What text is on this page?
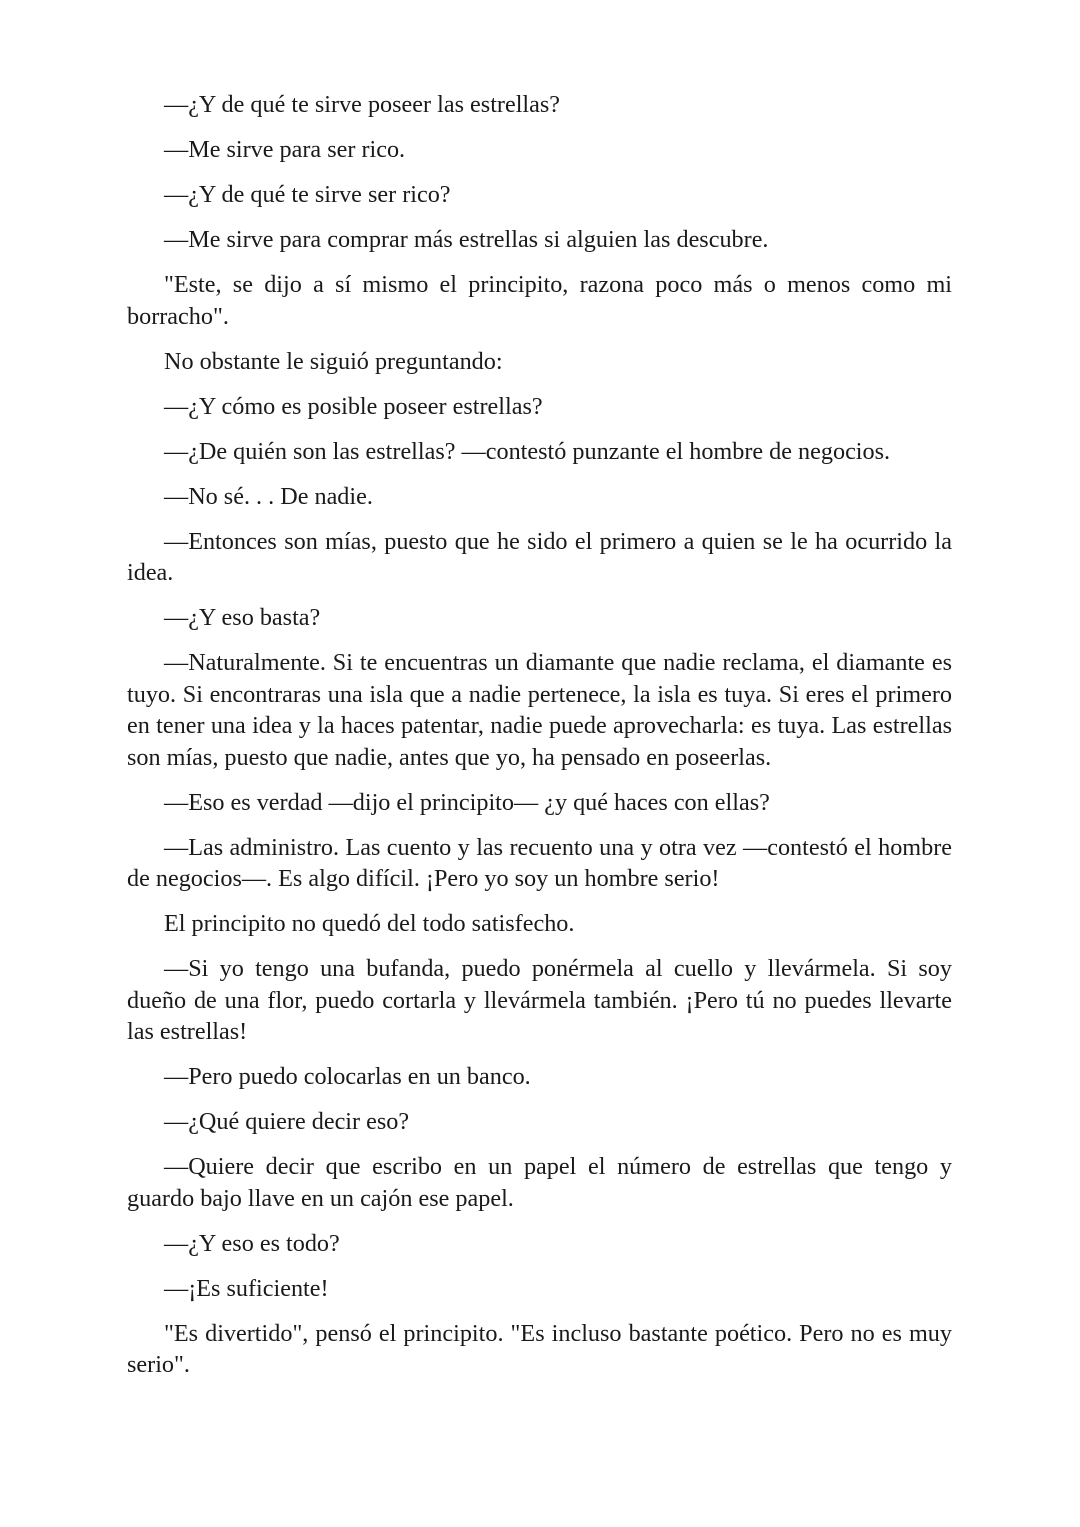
—¿Y de qué te sirve poseer las estrellas?

—Me sirve para ser rico.

—¿Y de qué te sirve ser rico?

—Me sirve para comprar más estrellas si alguien las descubre.

"Este, se dijo a sí mismo el principito, razona poco más o menos como mi borracho".

No obstante le siguió preguntando:

—¿Y cómo es posible poseer estrellas?

—¿De quién son las estrellas? —contestó punzante el hombre de negocios.

—No sé. . . De nadie.

—Entonces son mías, puesto que he sido el primero a quien se le ha ocurrido la idea.

—¿Y eso basta?

—Naturalmente. Si te encuentras un diamante que nadie reclama, el diamante es tuyo. Si encontraras una isla que a nadie pertenece, la isla es tuya. Si eres el primero en tener una idea y la haces patentar, nadie puede aprovecharla: es tuya. Las estrellas son mías, puesto que nadie, antes que yo, ha pensado en poseerlas.

—Eso es verdad —dijo el principito— ¿y qué haces con ellas?

—Las administro. Las cuento y las recuento una y otra vez —contestó el hombre de negocios—. Es algo difícil. ¡Pero yo soy un hombre serio!

El principito no quedó del todo satisfecho.

—Si yo tengo una bufanda, puedo ponérmela al cuello y llevármela. Si soy dueño de una flor, puedo cortarla y llevármela también. ¡Pero tú no puedes llevarte las estrellas!

—Pero puedo colocarlas en un banco.

—¿Qué quiere decir eso?

—Quiere decir que escribo en un papel el número de estrellas que tengo y guardo bajo llave en un cajón ese papel.

—¿Y eso es todo?

—¡Es suficiente!

"Es divertido", pensó el principito. "Es incluso bastante poético. Pero no es muy serio".
